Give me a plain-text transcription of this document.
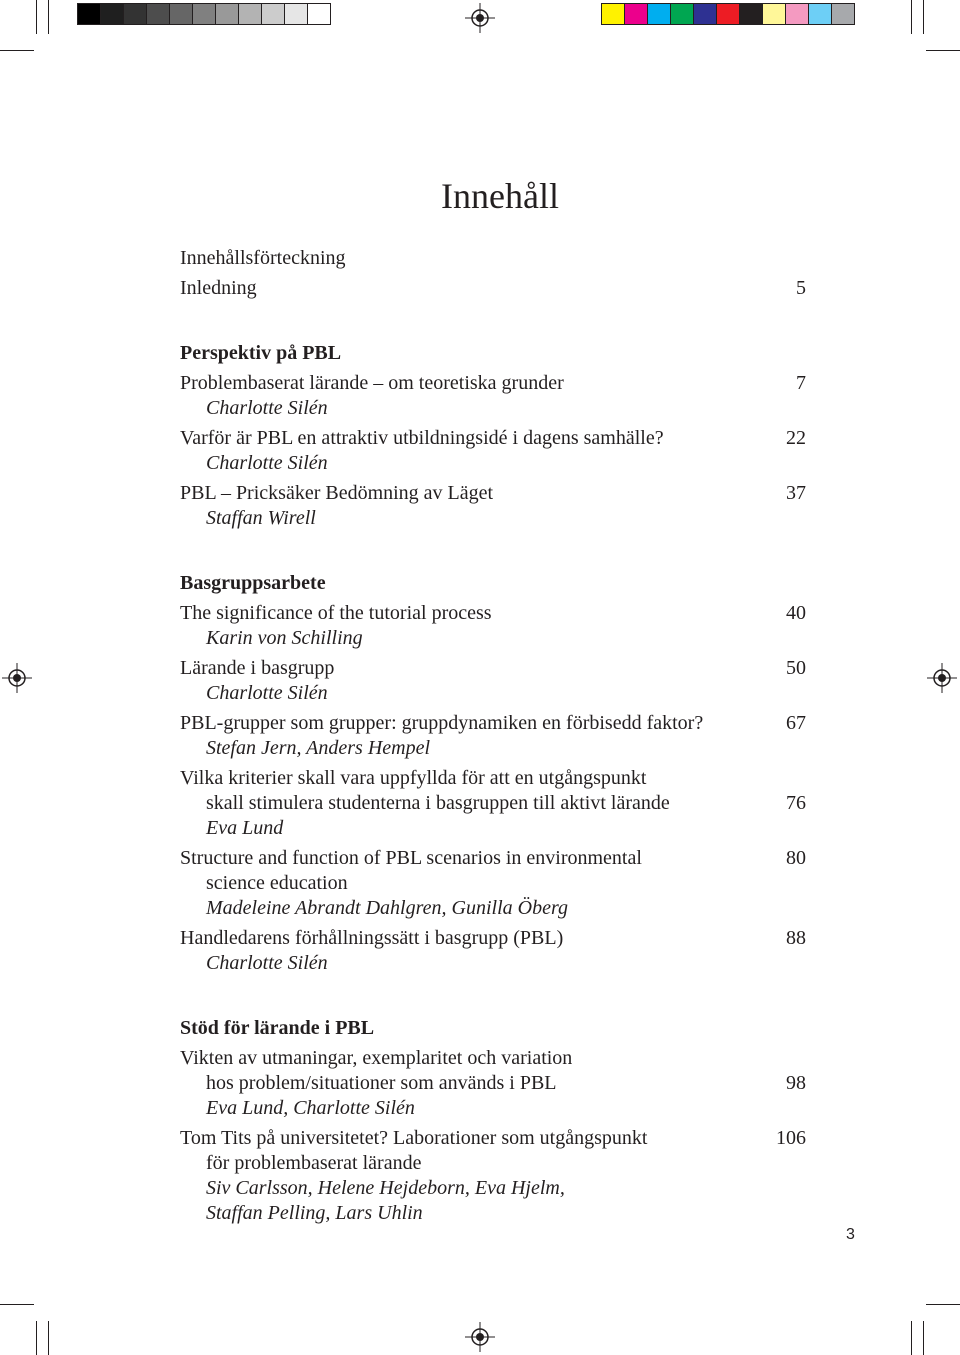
Innehåll
Innehållsförteckning
Inledning	5
Perspektiv på PBL
Problembaserat lärande – om teoretiska grunder	7
Charlotte Silén
Varför är PBL en attraktiv utbildningsidé i dagens samhälle?	22
Charlotte Silén
PBL – Pricksäker Bedömning av Läget	37
Staffan Wirell
Basgruppsarbete
The significance of the tutorial process	40
Karin von Schilling
Lärande i basgrupp	50
Charlotte Silén
PBL-grupper som grupper: gruppdynamiken en förbisedd faktor?	67
Stefan Jern, Anders Hempel
Vilka kriterier skall vara uppfyllda för att en utgångspunkt
skall stimulera studenterna i basgruppen till aktivt lärande	76
Eva Lund
Structure and function of PBL scenarios in environmental	80
science education
Madeleine Abrandt Dahlgren, Gunilla Öberg
Handledarens förhållningssätt i basgrupp (PBL)	88
Charlotte Silén
Stöd för lärande i PBL
Vikten av utmaningar, exemplaritet och variation
hos problem/situationer som används i PBL	98
Eva Lund, Charlotte Silén
Tom Tits på universitetet? Laborationer som utgångspunkt	106
för problembaserat lärande
Siv Carlsson, Helene Hejdeborn, Eva Hjelm,
Staffan Pelling, Lars Uhlin
3
